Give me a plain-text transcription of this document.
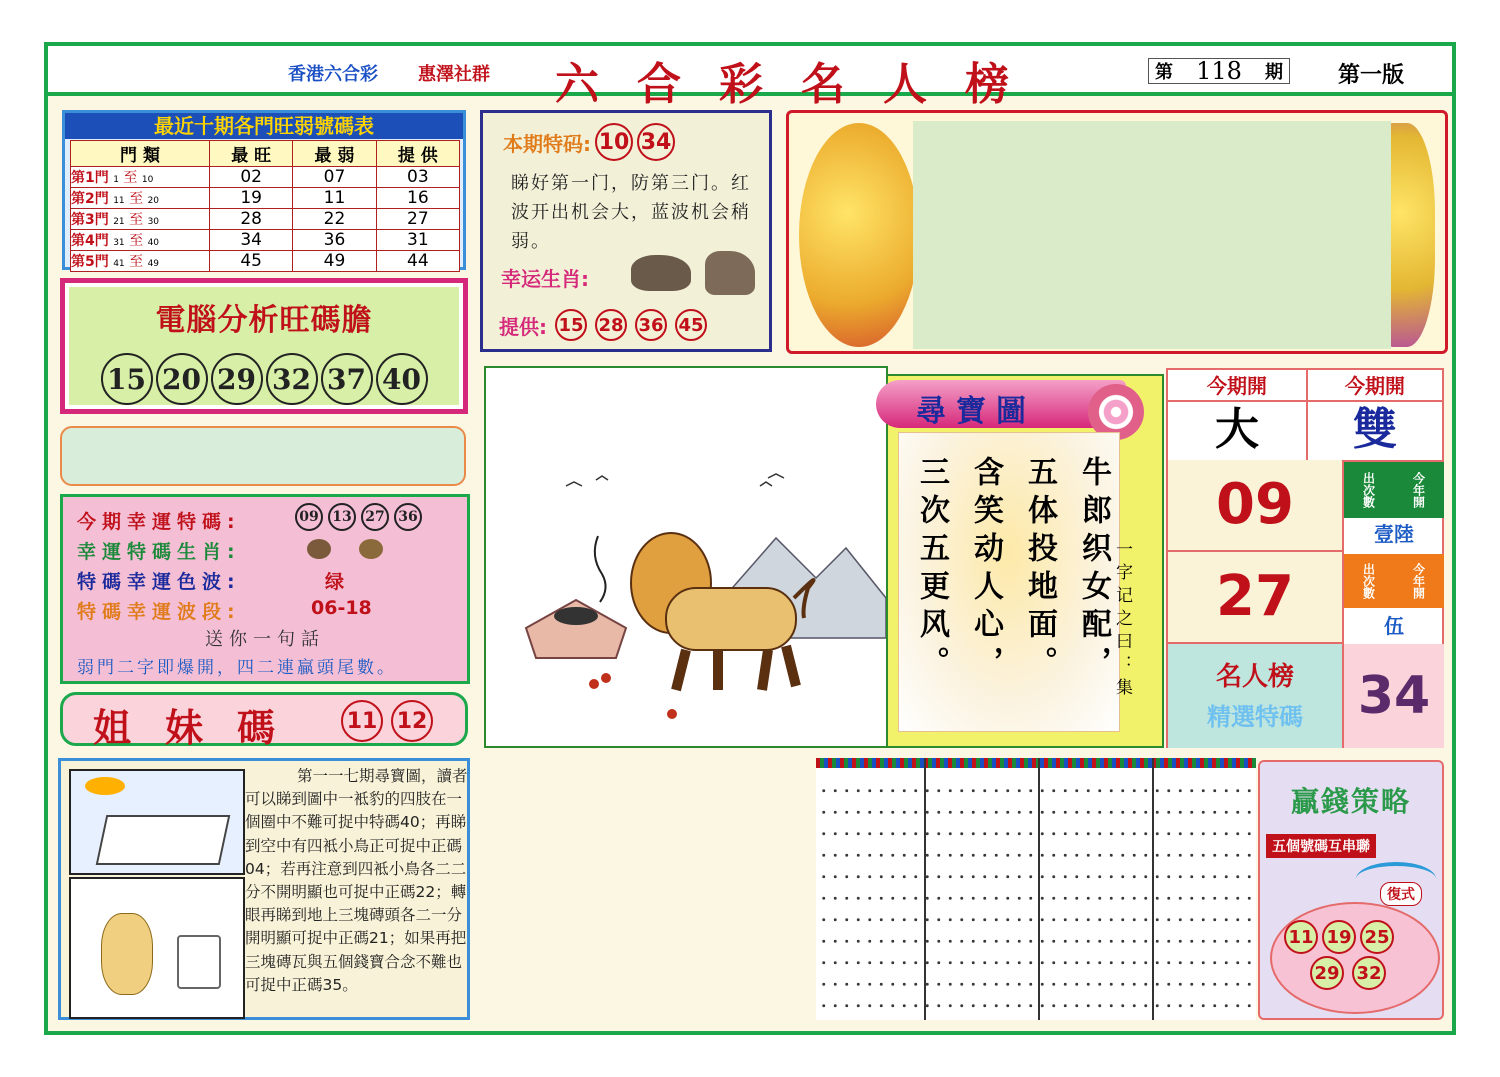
香港六合彩 惠澤社群 六 合 彩 名 人 榜	第 118 期	第一版
最近十期各門旺弱號碼表
門 類	最 旺	最 弱	提 供
第1門 1 至 10	02	07	03
第2門 11 至 20	19	11	16
第3門 21 至 30	28	22	27
第4門 31 至 40	34	36	31
第5門 41 至 49	45	49	44
電腦分析旺碼膽
15 20 29 32 37 40
本期特码: 10 34
睇好第一门，防第三门。红波开出机会大，蓝波机会稍弱。
幸运生肖:
提供: 15 28 36 45
今期幸運特碼:	09 13 27 36
幸運特碼生肖:
特碼幸運色波:	绿
特碼幸運波段:	06-18
送你一句話
弱門二字即爆開，四二連贏頭尾數。
姐妹碼 11 12
第一一七期尋寶圖，讀者可以睇到圖中一袛豹的四肢在一個圈中不難可捉中特碼40；再睇到空中有四袛小鳥正可捉中正碼04；若再注意到四袛小鳥各二二分不開明顯也可捉中正碼22；轉眼再睇到地上三塊磚頭各二一分開明顯可捉中正碼21；如果再把三塊磚瓦與五個錢寶合念不難也可捉中正碼35。
尋寶圖
三次五更风。 含笑动人心， 五体投地面。 牛郎织女配， 一字记之曰：集
今期開	今期開
大	雙
09	出次數	今年開
壹陸
27	出次數	今年開
伍
名人榜
精選特碼	34
贏錢策略
五個號碼互串聯
復式
11 19 25
29 32
